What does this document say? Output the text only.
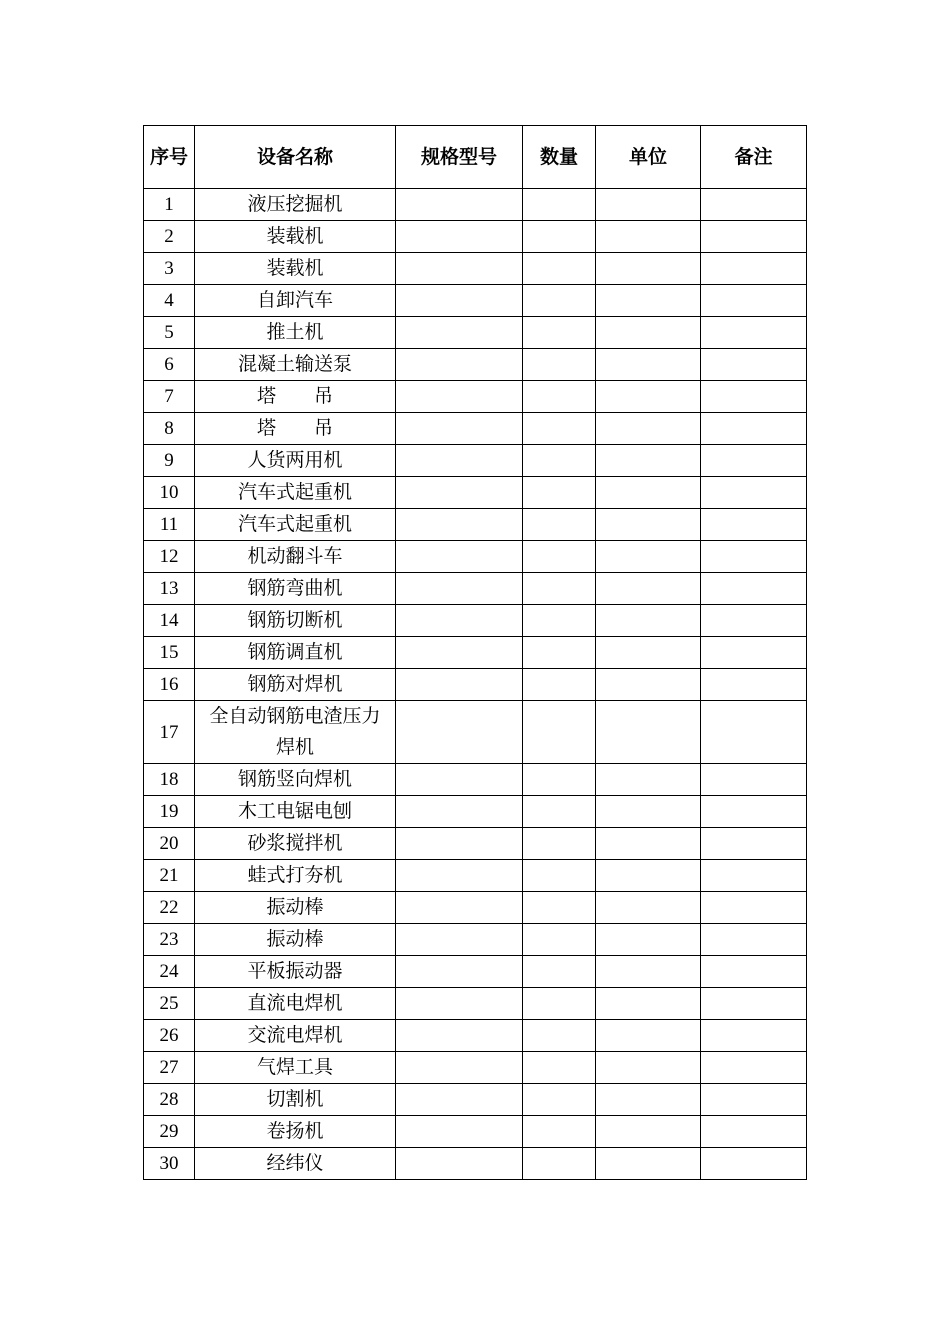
序号	设备名称	规格型号	数量	单位	备注
1	液压挖掘机				
2	装载机				
3	装载机				
4	自卸汽车				
5	推土机				
6	混凝土输送泵				
7	塔　　吊				
8	塔　　吊				
9	人货两用机				
10	汽车式起重机				
11	汽车式起重机				
12	机动翻斗车				
13	钢筋弯曲机				
14	钢筋切断机				
15	钢筋调直机				
16	钢筋对焊机				
17	全自动钢筋电渣压力焊机				
18	钢筋竖向焊机				
19	木工电锯电刨				
20	砂浆搅拌机				
21	蛙式打夯机				
22	振动棒				
23	振动棒				
24	平板振动器				
25	直流电焊机				
26	交流电焊机				
27	气焊工具				
28	切割机				
29	卷扬机				
30	经纬仪				
